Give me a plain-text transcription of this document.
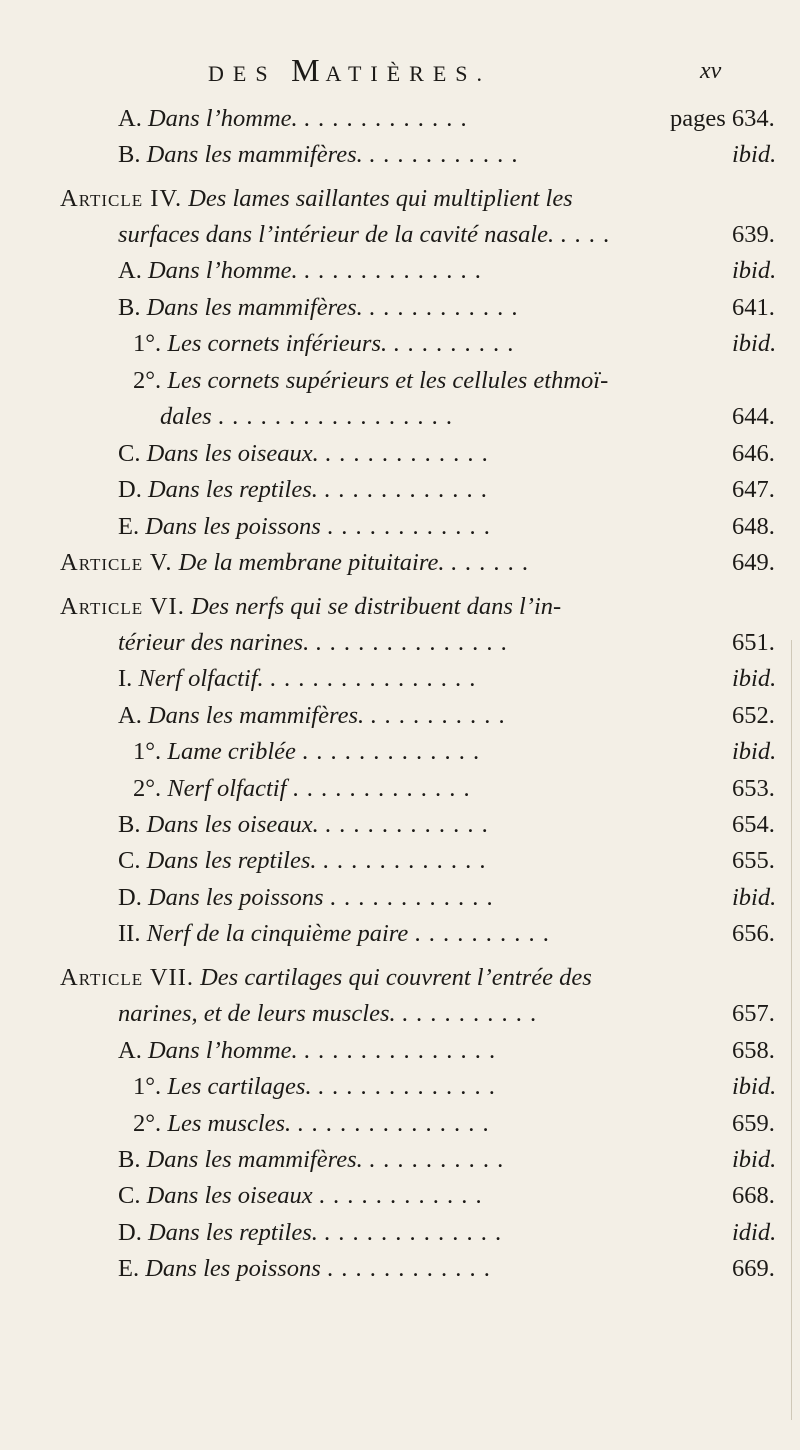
DES MATIÈRES.	xv
A. Dans l’homme. . . . . . . . . . . . .	pages 634.
B. Dans les mammifères. . . . . . . . . . . .	ibid.
Article IV. Des lames saillantes qui multiplient les
surfaces dans l’intérieur de la cavité nasale. . . . .	639.
A. Dans l’homme. . . . . . . . . . . . . .	ibid.
B. Dans les mammifères. . . . . . . . . . . .	641.
1°. Les cornets inférieurs. . . . . . . . . .	ibid.
2°. Les cornets supérieurs et les cellules ethmoï-
dales . . . . . . . . . . . . . . . . .	644.
C. Dans les oiseaux. . . . . . . . . . . . .	646.
D. Dans les reptiles. . . . . . . . . . . . .	647.
E. Dans les poissons . . . . . . . . . . . .	648.
Article V. De la membrane pituitaire. . . . . . .	649.
Article VI. Des nerfs qui se distribuent dans l’in-
térieur des narines. . . . . . . . . . . . . . .	651.
I. Nerf olfactif. . . . . . . . . . . . . . . .	ibid.
A. Dans les mammifères. . . . . . . . . . .	652.
1°. Lame criblée . . . . . . . . . . . . .	ibid.
2°. Nerf olfactif . . . . . . . . . . . . .	653.
B. Dans les oiseaux. . . . . . . . . . . . .	654.
C. Dans les reptiles. . . . . . . . . . . . .	655.
D. Dans les poissons . . . . . . . . . . . .	ibid.
II. Nerf de la cinquième paire . . . . . . . . . .	656.
Article VII. Des cartilages qui couvrent l’entrée des
narines, et de leurs muscles. . . . . . . . . . .	657.
A. Dans l’homme. . . . . . . . . . . . . . .	658.
1°. Les cartilages. . . . . . . . . . . . . .	ibid.
2°. Les muscles. . . . . . . . . . . . . . .	659.
B. Dans les mammifères. . . . . . . . . . .	ibid.
C. Dans les oiseaux . . . . . . . . . . . .	668.
D. Dans les reptiles. . . . . . . . . . . . . .	idid.
E. Dans les poissons . . . . . . . . . . . .	669.
